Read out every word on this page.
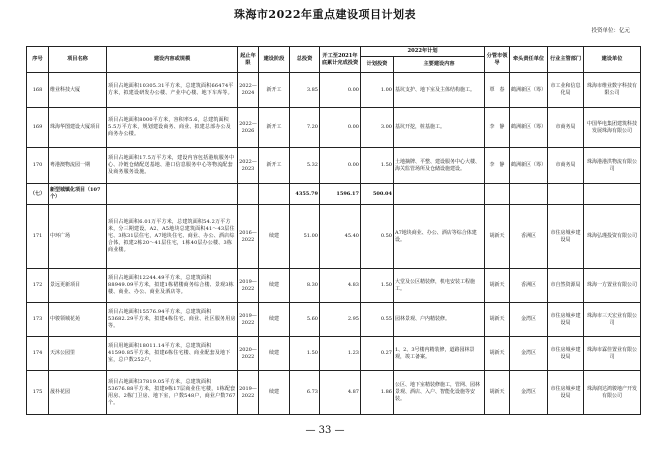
珠海市2022年重点建设项目计划表
投资单位：亿元
序号	项目名称	建设内容或规模	起止年限	建设阶段	总投资	开工至2021年底累计完成投资	2022年计划		分管市领导	牵头责任单位	行业主管部门	建设单位
							计划投资	主要建设内容				
168	维业科技大厦	项目占地面积10305.31平方米，总建筑面积66474平方米，拟建设研发办公楼、产业中心楼、地下车库等。	2022—2024	新开工	3.85	0.00	1.00	基坑支护、地下室及主体结构施工。	覃　春	鹤洲新区（筹）	市工业和信息化局	珠海市维业数字科技有限公司
169	珠海华图建设大厦项目	项目占地面积8000平方米，容积率5.6，总建筑面积5.5万平方米，规划建设商务、商业、拟建总部办公及商务办公楼。	2022—2026	新开工	7.20	0.00	3.00	基坑开挖，桩基施工。	李　静	鹤洲新区（筹）	市商务局	中国华电集团建筑科技发展珠海有限公司
170	粤港澳物流园一期	项目占地面积17.5万平方米，建设内容包括港航服务中心、冷链仓储配送基地、港口信息服务中心等物流配套及商务服务设施。	2022—2023	新开工	5.32	0.00	1.50	土地摘牌、平整、建设服务中心大楼、海关监管场所及仓储设施建设。	李　静	鹤洲新区（筹）	市商务局	珠海港港洪物流有限公司
（七）	新型城镇化项目（107个）				4355.79	1596.17	500.04					
171	中环广场	项目占地面积6.01万平方米，总建筑面积54.2万平方米，分三期建设。A2、A5地块总建筑面积41～43层住宅、3栋31层住宅，A7地块住宅、商业、办公、酒店综合体，拟建2栋20～41层住宅，1栋40层办公楼、3栋商业楼。	2016—2022	续建	51.00	45.40	0.50	A7地块商业、办公、酒店等综合体建设。	胡新天	香洲区	市住房城乡建设局	珠海弘瑾投资有限公司
172	景远更新项目	项目占地面积12244.49平方米，总建筑面积88949.09平方米，拟建1栋裙楼商务综合楼、景观3栋楼、商业、办公、商业及酒店等。	2019—2022	续建	8.30	4.83	1.50	大堂及公区精装修，机电安装工程施工。	胡新天	香洲区	市自然资源局	珠海一方置业有限公司
173	中骏领城花苑	项目占地面积15576.94平方米，总建筑面积53682.29平方米，拟建4栋住宅、商业、社区服务用房等。	2019—2022	续建	5.60	2.95	0.55	园林景观、户内精装修。	胡新天	金湾区	市住房城乡建设局	珠海市三天宏业有限公司
174	天沐公园里	项目用地面积18011.14平方米，总建筑面积41590.85平方米，拟建6栋住宅楼、商业配套及地下室，总户数252户。	2020—2022	续建	1.50	1.23	0.27	1、2、3号楼内精装修，道路园林景观，竣工备案。	胡新天	金湾区	市住房城乡建设局	珠海市霖佳置业有限公司
175	晟朴花园	项目占地面积37819.05平方米，总建筑面积53676.88平方米，拟建9栋17层商业住宅楼，1栋配套用房、2栋门卫房、地下室，户数548户，商业户数767个。	2019—2022	续建	6.73	4.87	1.86	公区、地下室精装修施工，管网、园林景观、酒店、入户、智能化设施等安装。	胡新天	金湾区	市住房城乡建设局	珠海润达鸿骏地产开发有限公司
— 33 —
